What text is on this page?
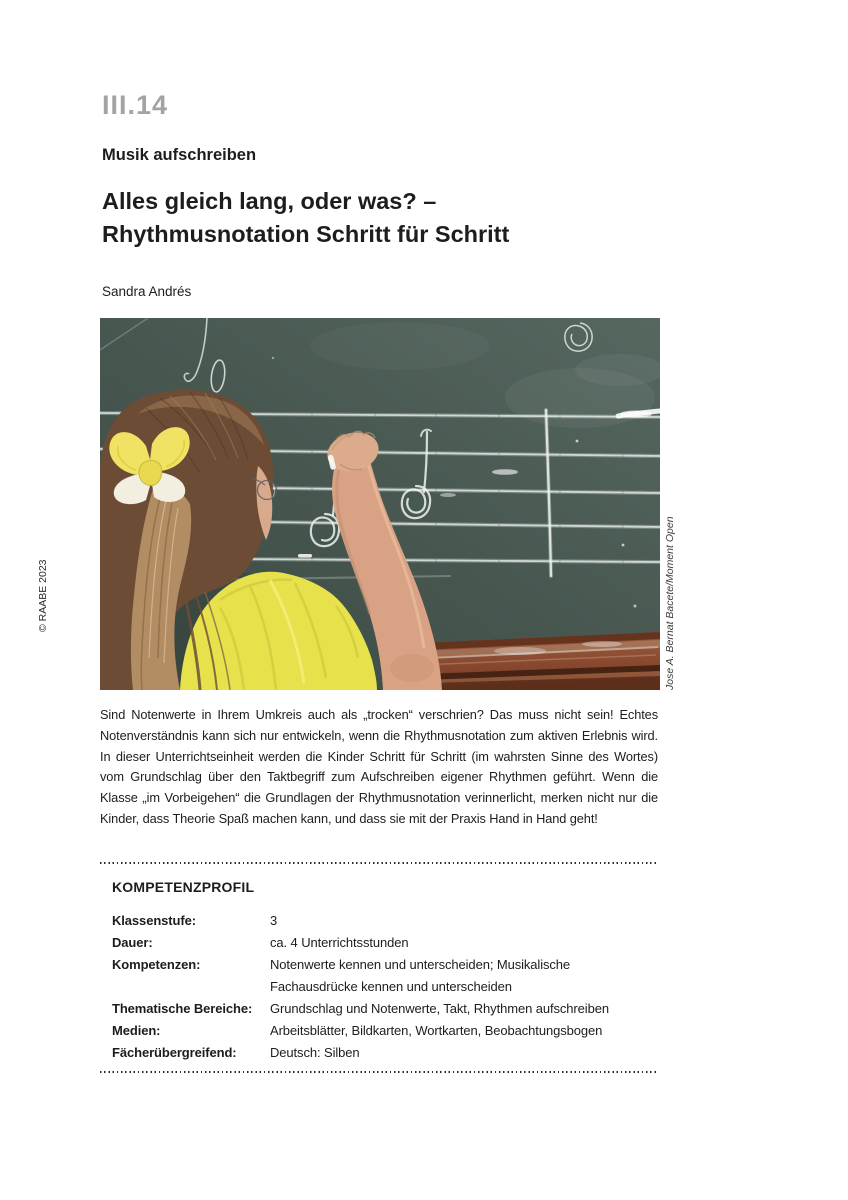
III.14
Musik aufschreiben
Alles gleich lang, oder was? –
Rhythmusnotation Schritt für Schritt
Sandra Andrés
© RAABE 2023	Jose A. Bernat Bacete/Moment Open
Sind Notenwerte in Ihrem Umkreis auch als „trocken“ verschrien? Das muss nicht sein! Echtes Notenverständnis kann sich nur entwickeln, wenn die Rhythmusnotation zum aktiven Erlebnis wird. In dieser Unterrichtseinheit werden die Kinder Schritt für Schritt (im wahrsten Sinne des Wortes) vom Grundschlag über den Taktbegriff zum Aufschreiben eigener Rhythmen geführt. Wenn die Klasse „im Vorbeigehen“ die Grundlagen der Rhythmusnotation verinnerlicht, merken nicht nur die Kinder, dass Theorie Spaß machen kann, und dass sie mit der Praxis Hand in Hand geht!
KOMPETENZPROFIL
Klassenstufe:	3
Dauer:	ca. 4 Unterrichtsstunden
Kompetenzen:	Notenwerte kennen und unterscheiden; Musikalische Fachausdrücke kennen und unterscheiden
Thematische Bereiche:	Grundschlag und Notenwerte, Takt, Rhythmen aufschreiben
Medien:	Arbeitsblätter, Bildkarten, Wortkarten, Beobachtungsbogen
Fächerübergreifend:	Deutsch: Silben
